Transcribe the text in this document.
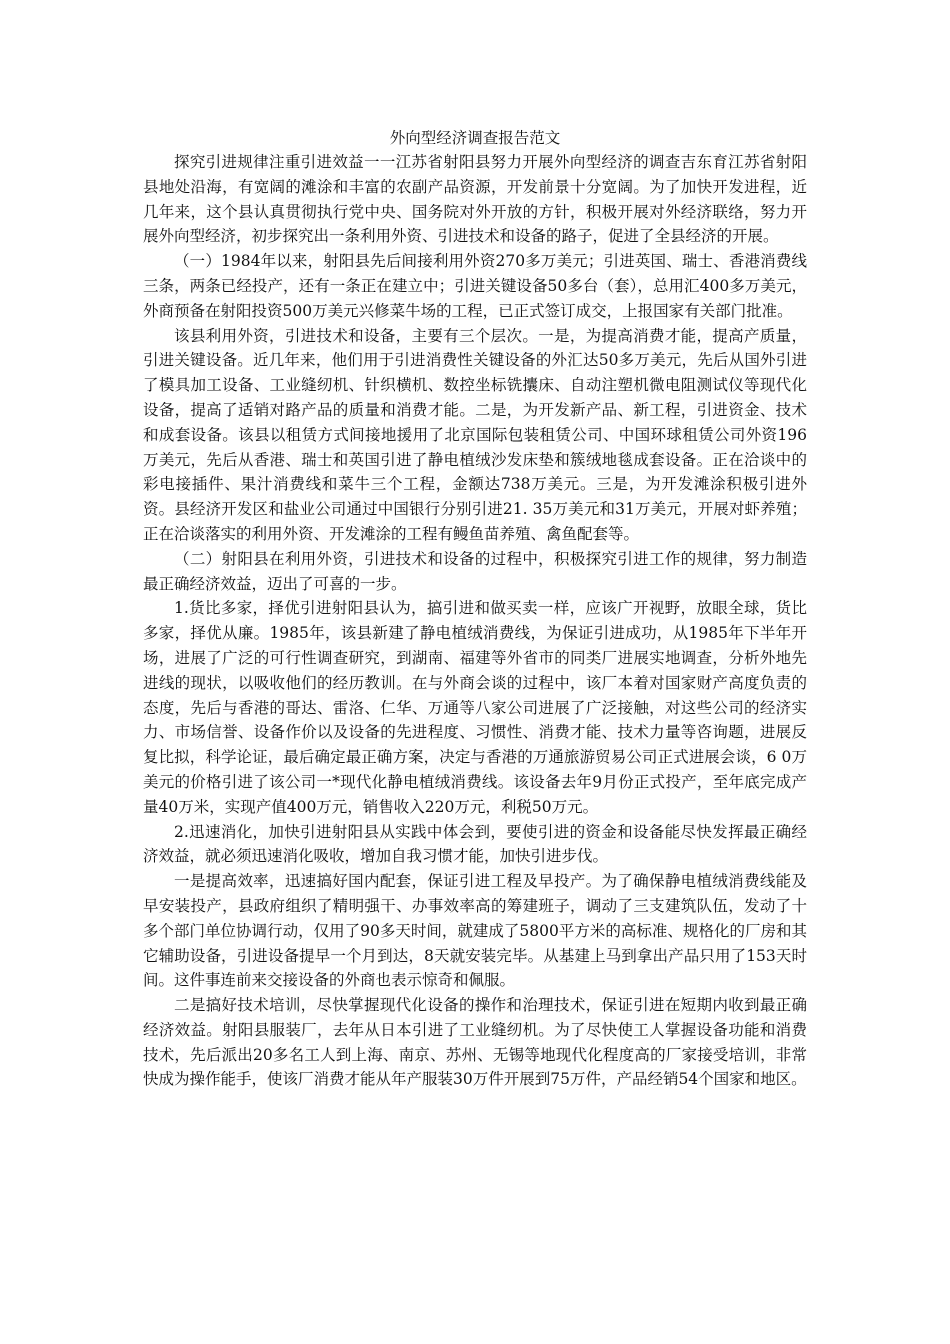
外向型经济调查报告范文

探究引进规律注重引进效益一一江苏省射阳县努力开展外向型经济的调查吉东育江苏省射阳县地处沿海，有宽阔的滩涂和丰富的农副产品资源，开发前景十分宽阔。为了加快开发进程，近几年来，这个县认真贯彻执行党中央、国务院对外开放的方针，积极开展对外经济联络，努力开展外向型经济，初步探究出一条利用外资、引进技术和设备的路子，促进了全县经济的开展。

（一）1984年以来，射阳县先后间接利用外资270多万美元；引进英国、瑞士、香港消费线三条，两条已经投产，还有一条正在建立中；引进关键设备50多台（套），总用汇400多万美元，外商预备在射阳投资500万美元兴修菜牛场的工程，已正式签订成交，上报国家有关部门批准。

该县利用外资，引进技术和设备，主要有三个层次。一是，为提高消费才能，提高产质量，引进关键设备。近几年来，他们用于引进消费性关键设备的外汇达50多万美元，先后从国外引进了模具加工设备、工业缝纫机、针织横机、数控坐标铣攮床、自动注塑机微电阻测试仪等现代化设备，提高了适销对路产品的质量和消费才能。二是，为开发新产品、新工程，引进资金、技术和成套设备。该县以租赁方式间接地援用了北京国际包装租赁公司、中国环球租赁公司外资196万美元，先后从香港、瑞士和英国引进了静电植绒沙发床垫和簇绒地毯成套设备。正在洽谈中的彩电接插件、果汁消费线和菜牛三个工程，金额达738万美元。三是，为开发滩涂积极引进外资。县经济开发区和盐业公司通过中国银行分别引进21. 35万美元和31万美元，开展对虾养殖；正在洽谈落实的利用外资、开发滩涂的工程有鳗鱼苗养殖、禽鱼配套等。

（二）射阳县在利用外资，引进技术和设备的过程中，积极探究引进工作的规律，努力制造最正确经济效益，迈出了可喜的一步。

1.货比多家，择优引进射阳县认为，搞引进和做买卖一样，应该广开视野，放眼全球，货比多家，择优从廉。1985年，该县新建了静电植绒消费线，为保证引进成功，从1985年下半年开场，进展了广泛的可行性调查研究，到湖南、福建等外省市的同类厂进展实地调查，分析外地先进线的现状，以吸收他们的经历教训。在与外商会谈的过程中，该厂本着对国家财产高度负责的态度，先后与香港的哥达、雷洛、仁华、万通等八家公司进展了广泛接触，对这些公司的经济实力、市场信誉、设备作价以及设备的先进程度、习惯性、消费才能、技术力量等咨询题，进展反复比拟，科学论证，最后确定最正确方案，决定与香港的万通旅游贸易公司正式进展会谈，6 0万美元的价格引进了该公司一*现代化静电植绒消费线。该设备去年9月份正式投产，至年底完成产量40万米，实现产值400万元，销售收入220万元，利税50万元。

2.迅速消化，加快引进射阳县从实践中体会到，要使引进的资金和设备能尽快发挥最正确经济效益，就必须迅速消化吸收，增加自我习惯才能，加快引进步伐。

一是提高效率，迅速搞好国内配套，保证引进工程及早投产。为了确保静电植绒消费线能及早安装投产，县政府组织了精明强干、办事效率高的筹建班子，调动了三支建筑队伍，发动了十多个部门单位协调行动，仅用了90多天时间，就建成了5800平方米的高标准、规格化的厂房和其它辅助设备，引进设备提早一个月到达，8天就安装完毕。从基建上马到拿出产品只用了153天时间。这件事连前来交接设备的外商也表示惊奇和佩服。

二是搞好技术培训，尽快掌握现代化设备的操作和治理技术，保证引进在短期内收到最正确经济效益。射阳县服装厂，去年从日本引进了工业缝纫机。为了尽快使工人掌握设备功能和消费技术，先后派出20多名工人到上海、南京、苏州、无锡等地现代化程度高的厂家接受培训，非常快成为操作能手，使该厂消费才能从年产服装30万件开展到75万件，产品经销54个国家和地区。
